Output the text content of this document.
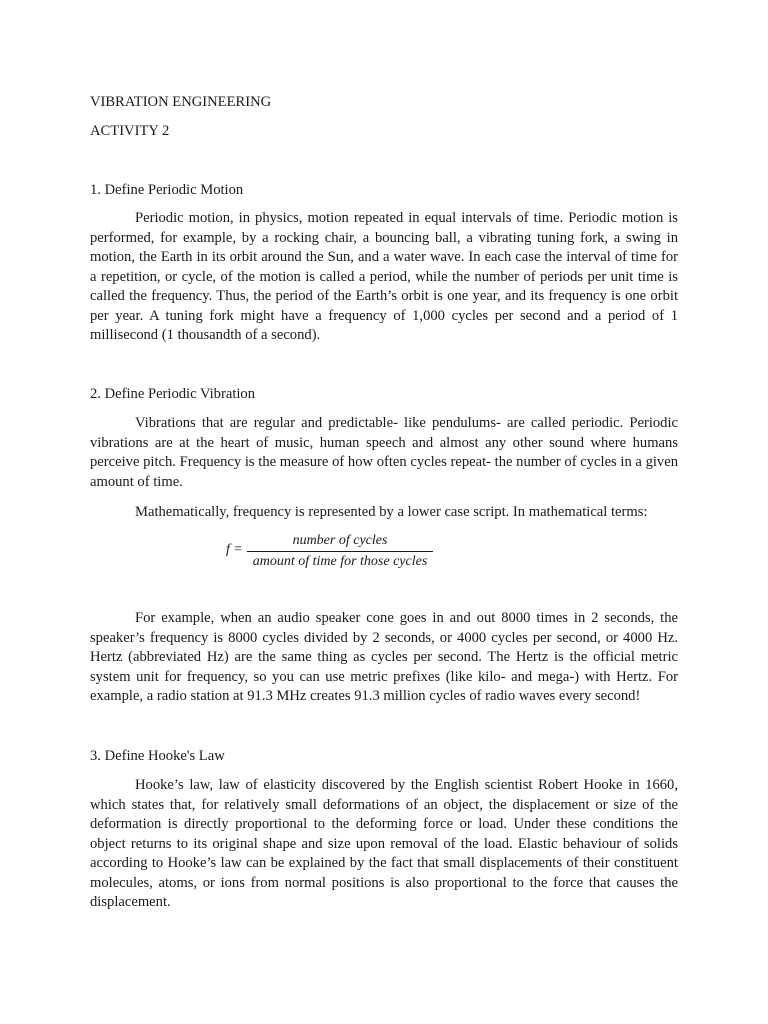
VIBRATION ENGINEERING
ACTIVITY 2
1. Define Periodic Motion

Periodic motion, in physics, motion repeated in equal intervals of time. Periodic motion is performed, for example, by a rocking chair, a bouncing ball, a vibrating tuning fork, a swing in motion, the Earth in its orbit around the Sun, and a water wave. In each case the interval of time for a repetition, or cycle, of the motion is called a period, while the number of periods per unit time is called the frequency. Thus, the period of the Earth’s orbit is one year, and its frequency is one orbit per year. A tuning fork might have a frequency of 1,000 cycles per second and a period of 1 millisecond (1 thousandth of a second).

2. Define Periodic Vibration

Vibrations that are regular and predictable- like pendulums- are called periodic. Periodic vibrations are at the heart of music, human speech and almost any other sound where humans perceive pitch. Frequency is the measure of how often cycles repeat- the number of cycles in a given amount of time.

Mathematically, frequency is represented by a lower case script. In mathematical terms:

f =
number of cycles
amount of time for those cycles

For example, when an audio speaker cone goes in and out 8000 times in 2 seconds, the speaker’s frequency is 8000 cycles divided by 2 seconds, or 4000 cycles per second, or 4000 Hz. Hertz (abbreviated Hz) are the same thing as cycles per second. The Hertz is the official metric system unit for frequency, so you can use metric prefixes (like kilo- and mega-) with Hertz. For example, a radio station at 91.3 MHz creates 91.3 million cycles of radio waves every second!

3. Define Hooke's Law

Hooke’s law, law of elasticity discovered by the English scientist Robert Hooke in 1660, which states that, for relatively small deformations of an object, the displacement or size of the deformation is directly proportional to the deforming force or load. Under these conditions the object returns to its original shape and size upon removal of the load. Elastic behaviour of solids according to Hooke’s law can be explained by the fact that small displacements of their constituent molecules, atoms, or ions from normal positions is also proportional to the force that causes the displacement.
